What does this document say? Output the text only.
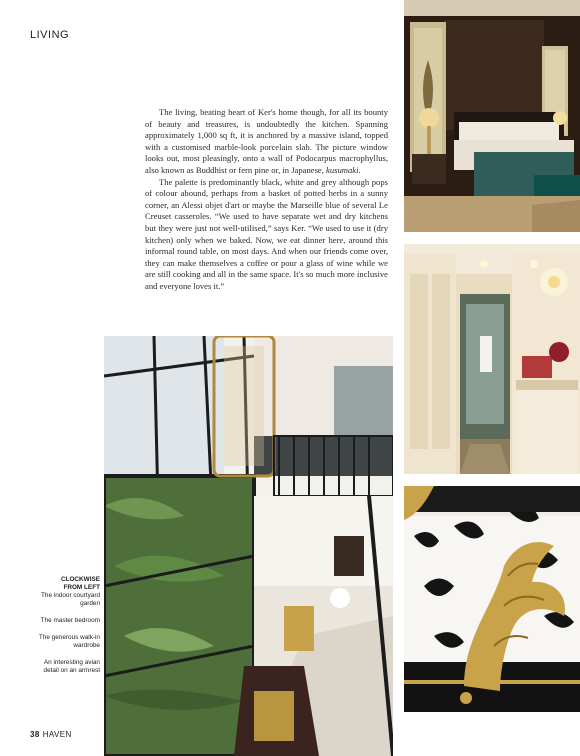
LIVING

The living, beating heart of Ker's home though, for all its bounty of beauty and treasures, is undoubtedly the kitchen. Spanning approximately 1,000 sq ft, it is anchored by a massive island, topped with a customised marble-look porcelain slab. The picture window looks out, most pleasingly, onto a wall of Podocarpus macrophyllus, also known as Buddhist or fern pine or, in Japanese, kusumaki.

The palette is predominantly black, white and grey although pops of colour abound, perhaps from a basket of potted herbs in a sunny corner, an Alessi objet d'art or maybe the Marseille blue of several Le Creuset casseroles. “We used to have separate wet and dry kitchens but they were just not well-utilised,” says Ker. “We used to use it (dry kitchen) only when we baked. Now, we eat dinner here, around this informal round table, on most days. And when our friends come over, they can make themselves a coffee or pour a glass of wine while we are still cooking and all in the same space. It's so much more inclusive and everyone loves it.”

CLOCKWISE
FROM LEFT
The indoor courtyard garden
The master bedroom
The generous walk-in wardrobe
An interesting avian detail on an armrest
38 HAVEN
